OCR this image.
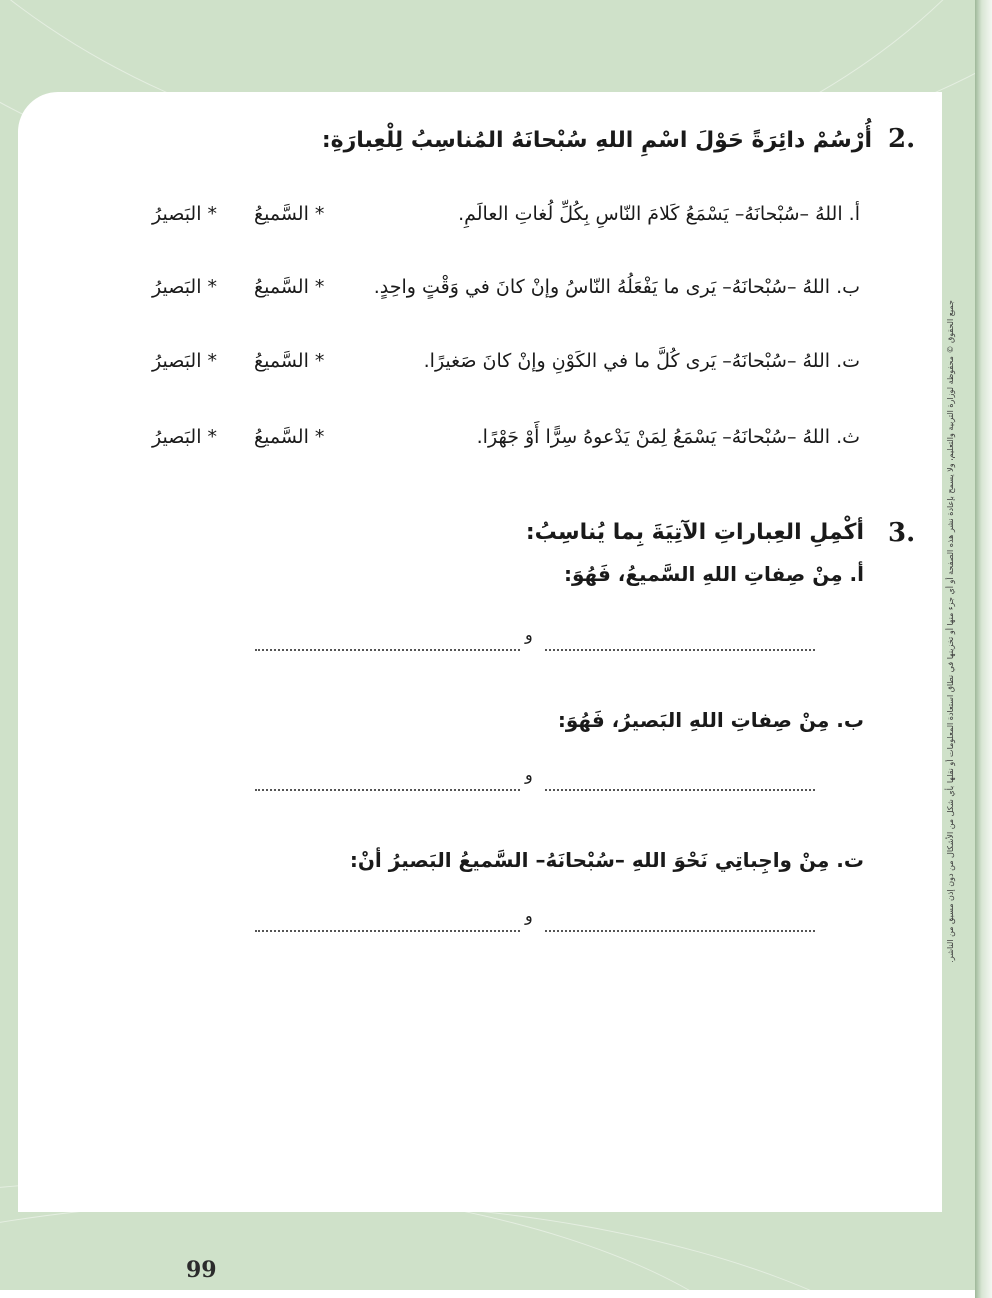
جميع الحقوق © محفوظة لوزارة التربية والتعليم، ولا يسمح بإعادة نشر هذه الصفحة أو أي جزء منها أو تخزينها في نطاق استعادة المعلومات أو نقلها بأي شكل من الأشكال من دون إذن مسبق من الناشر.
2.
أُرْسُمْ دائِرَةً حَوْلَ اسْمِ اللهِ سُبْحانَهُ المُناسِبُ لِلْعِبارَةِ:
أ. اللهُ –سُبْحانَهُ– يَسْمَعُ كَلامَ النّاسِ بِكُلِّ لُغاتِ العالَمِ.
* السَّميعُ
* البَصيرُ
ب. اللهُ –سُبْحانَهُ– يَرى ما يَفْعَلُهُ النّاسُ وإنْ كانَ في وَقْتٍ واحِدٍ.
* السَّميعُ
* البَصيرُ
ت. اللهُ –سُبْحانَهُ– يَرى كُلَّ ما في الكَوْنِ وإنْ كانَ صَغيرًا.
* السَّميعُ
* البَصيرُ
ث. اللهُ –سُبْحانَهُ– يَسْمَعُ لِمَنْ يَدْعوهُ سِرًّا أَوْ جَهْرًا.
* السَّميعُ
* البَصيرُ
3.
أكْمِلِ العِباراتِ الآتِيَةَ بِما يُناسِبُ:
أ. مِنْ صِفاتِ اللهِ السَّميعُ، فَهُوَ:
و
ب. مِنْ صِفاتِ اللهِ البَصيرُ، فَهُوَ:
و
ت. مِنْ واجِباتِي نَحْوَ اللهِ –سُبْحانَهُ– السَّميعُ البَصيرُ أنْ:
و
99
